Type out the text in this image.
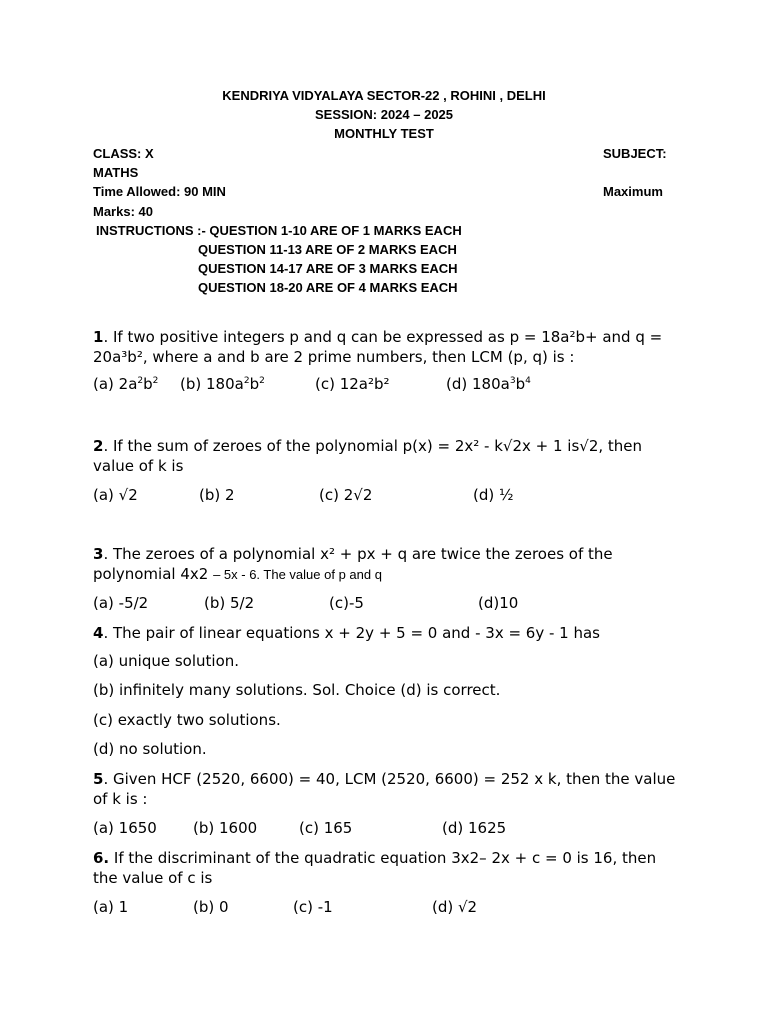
KENDRIYA VIDYALAYA SECTOR-22 , ROHINI , DELHI
SESSION: 2024 – 2025
MONTHLY TEST
CLASS: X	SUBJECT:
MATHS
Time Allowed: 90 MIN	Maximum
Marks: 40
INSTRUCTIONS :- QUESTION 1-10 ARE OF 1 MARKS EACH
QUESTION 11-13 ARE OF 2 MARKS EACH
QUESTION 14-17 ARE OF 3 MARKS EACH
QUESTION 18-20 ARE OF 4 MARKS EACH
1. If two positive integers p and q can be expressed as p = 18a²b+ and q = 20a³b², where a and b are 2 prime numbers, then LCM (p, q) is :
(a) $2a^2b^2$ (b) $180a^2b^2$	(c) 12a²b²	(d) $180a^3b^4$
2. If the sum of zeroes of the polynomial p(x) = 2x² - k√2x + 1 is√2, then value of k is
(a) √2	(b) 2	(c) 2√2	(d) ½
3. The zeroes of a polynomial x² + px + q are twice the zeroes of the polynomial 4x2 – 5x - 6. The value of p and q
(a) -5/2	(b) 5/2	(c)-5	(d)10
4. The pair of linear equations x + 2y + 5 = 0 and - 3x = 6y - 1 has
(a) unique solution.
(b) infinitely many solutions. Sol. Choice (d) is correct.
(c) exactly two solutions.
(d) no solution.
5. Given HCF (2520, 6600) = 40, LCM (2520, 6600) = 252 x k, then the value of k is :
(a) 1650 (b) 1600	(c) 165	(d) 1625
6. If the discriminant of the quadratic equation 3x2– 2x + c = 0 is 16, then the value of c is
(a) 1	(b) 0	(c) -1	(d) √2
